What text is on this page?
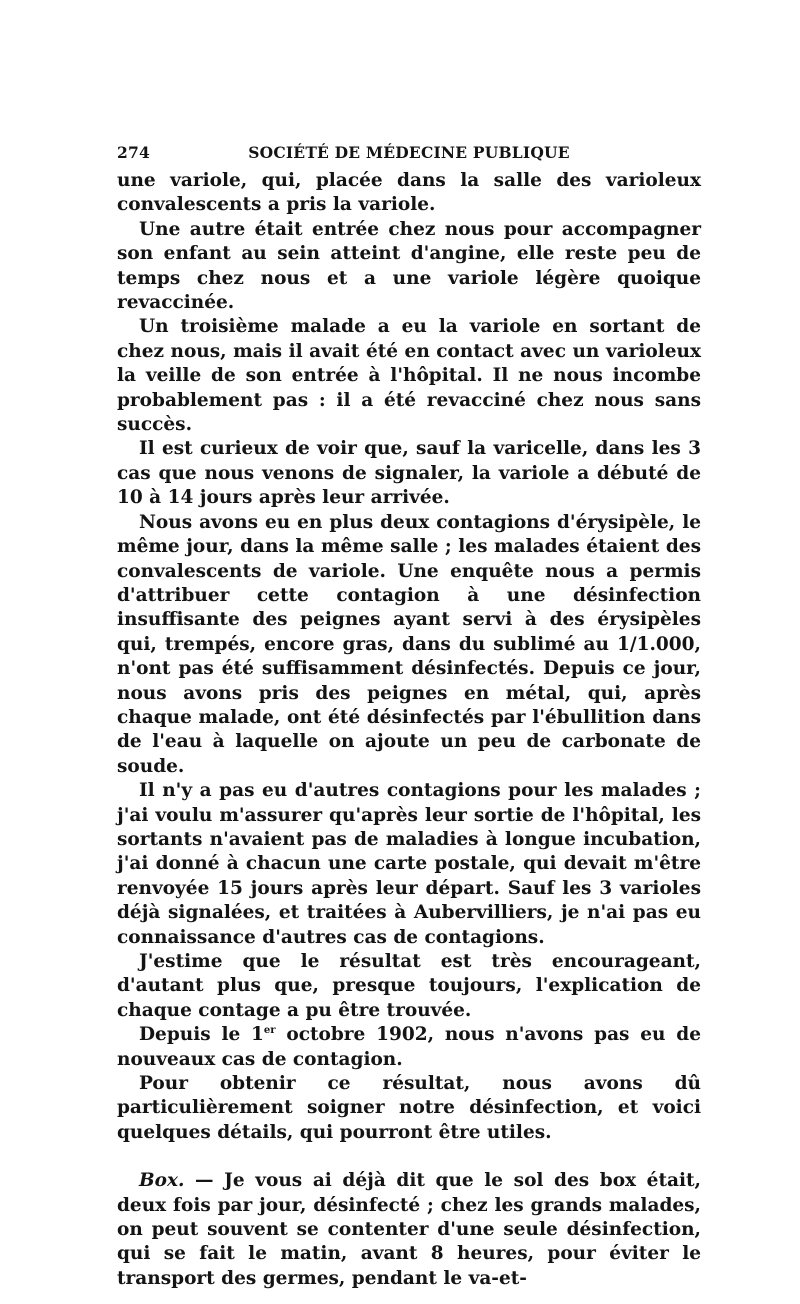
274	SOCIÉTÉ DE MÉDECINE PUBLIQUE

une variole, qui, placée dans la salle des varioleux convalescents a pris la variole.

Une autre était entrée chez nous pour accompagner son enfant au sein atteint d'angine, elle reste peu de temps chez nous et a une variole légère quoique revaccinée.

Un troisième malade a eu la variole en sortant de chez nous, mais il avait été en contact avec un varioleux la veille de son entrée à l'hôpital. Il ne nous incombe probablement pas : il a été revacciné chez nous sans succès.

Il est curieux de voir que, sauf la varicelle, dans les 3 cas que nous venons de signaler, la variole a débuté de 10 à 14 jours après leur arrivée.

Nous avons eu en plus deux contagions d'érysipèle, le même jour, dans la même salle ; les malades étaient des convalescents de variole. Une enquête nous a permis d'attribuer cette contagion à une désinfection insuffisante des peignes ayant servi à des érysipèles qui, trempés, encore gras, dans du sublimé au 1/1.000, n'ont pas été suffisamment désinfectés. Depuis ce jour, nous avons pris des peignes en métal, qui, après chaque malade, ont été désinfectés par l'ébullition dans de l'eau à laquelle on ajoute un peu de carbonate de soude.

Il n'y a pas eu d'autres contagions pour les malades ; j'ai voulu m'assurer qu'après leur sortie de l'hôpital, les sortants n'avaient pas de maladies à longue incubation, j'ai donné à chacun une carte postale, qui devait m'être renvoyée 15 jours après leur départ. Sauf les 3 varioles déjà signalées, et traitées à Aubervilliers, je n'ai pas eu connaissance d'autres cas de contagions.

J'estime que le résultat est très encourageant, d'autant plus que, presque toujours, l'explication de chaque contage a pu être trouvée.

Depuis le 1er octobre 1902, nous n'avons pas eu de nouveaux cas de contagion.

Pour obtenir ce résultat, nous avons dû particulièrement soigner notre désinfection, et voici quelques détails, qui pourront être utiles.

Box. — Je vous ai déjà dit que le sol des box était, deux fois par jour, désinfecté ; chez les grands malades, on peut souvent se contenter d'une seule désinfection, qui se fait le matin, avant 8 heures, pour éviter le transport des germes, pendant le va-et-
